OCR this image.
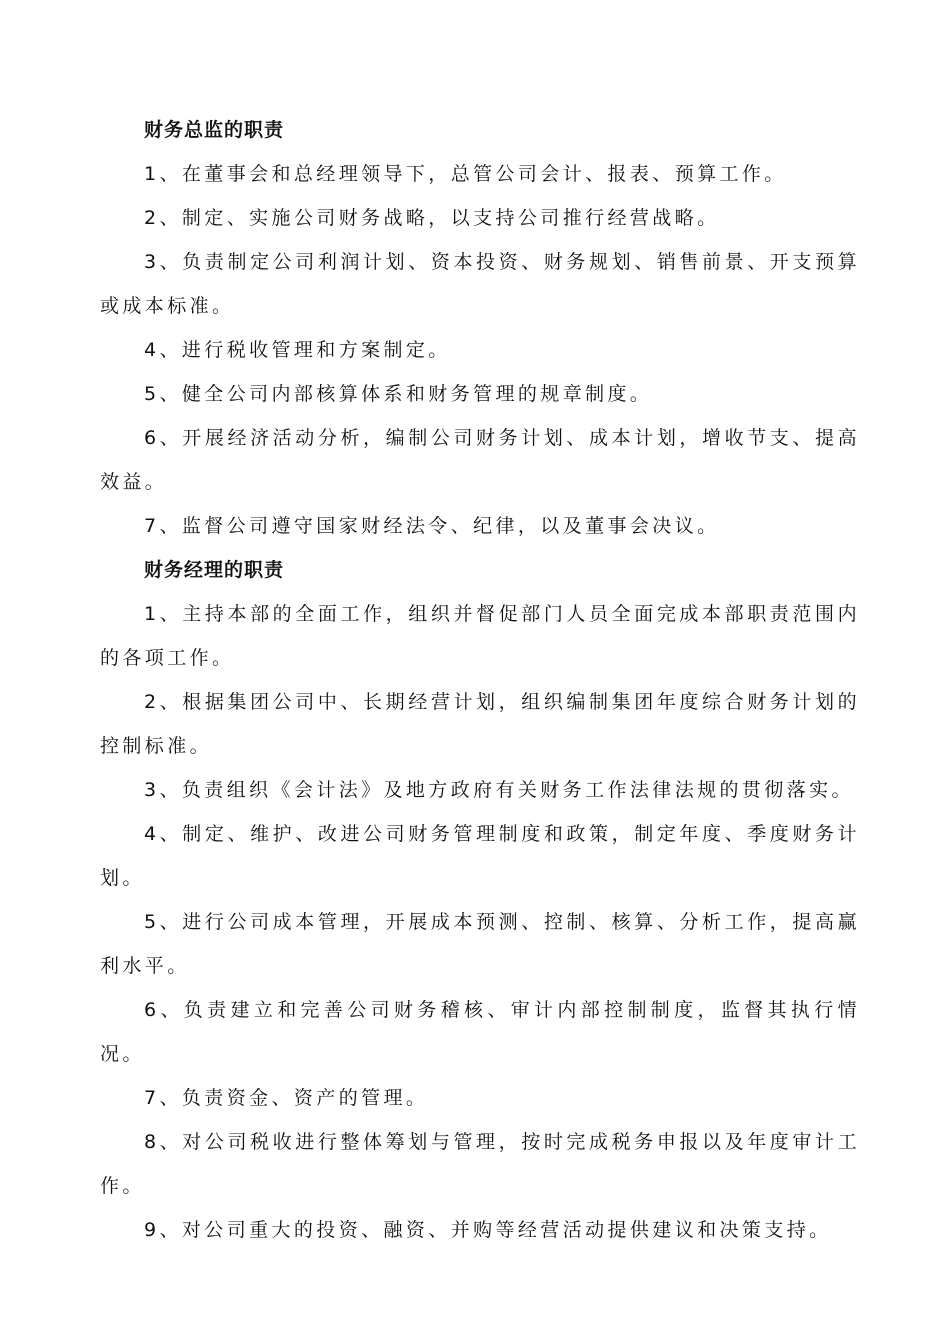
财务总监的职责

1、在董事会和总经理领导下，总管公司会计、报表、预算工作。

2、制定、实施公司财务战略，以支持公司推行经营战略。

3、负责制定公司利润计划、资本投资、财务规划、销售前景、开支预算或成本标准。

4、进行税收管理和方案制定。

5、健全公司内部核算体系和财务管理的规章制度。

6、开展经济活动分析，编制公司财务计划、成本计划，增收节支、提高效益。

7、监督公司遵守国家财经法令、纪律，以及董事会决议。

财务经理的职责

1、主持本部的全面工作，组织并督促部门人员全面完成本部职责范围内的各项工作。

2、根据集团公司中、长期经营计划，组织编制集团年度综合财务计划的控制标准。

3、负责组织《会计法》及地方政府有关财务工作法律法规的贯彻落实。

4、制定、维护、改进公司财务管理制度和政策，制定年度、季度财务计划。

5、进行公司成本管理，开展成本预测、控制、核算、分析工作，提高赢利水平。

6、负责建立和完善公司财务稽核、审计内部控制制度，监督其执行情况。

7、负责资金、资产的管理。

8、对公司税收进行整体筹划与管理，按时完成税务申报以及年度审计工作。

9、对公司重大的投资、融资、并购等经营活动提供建议和决策支持。
